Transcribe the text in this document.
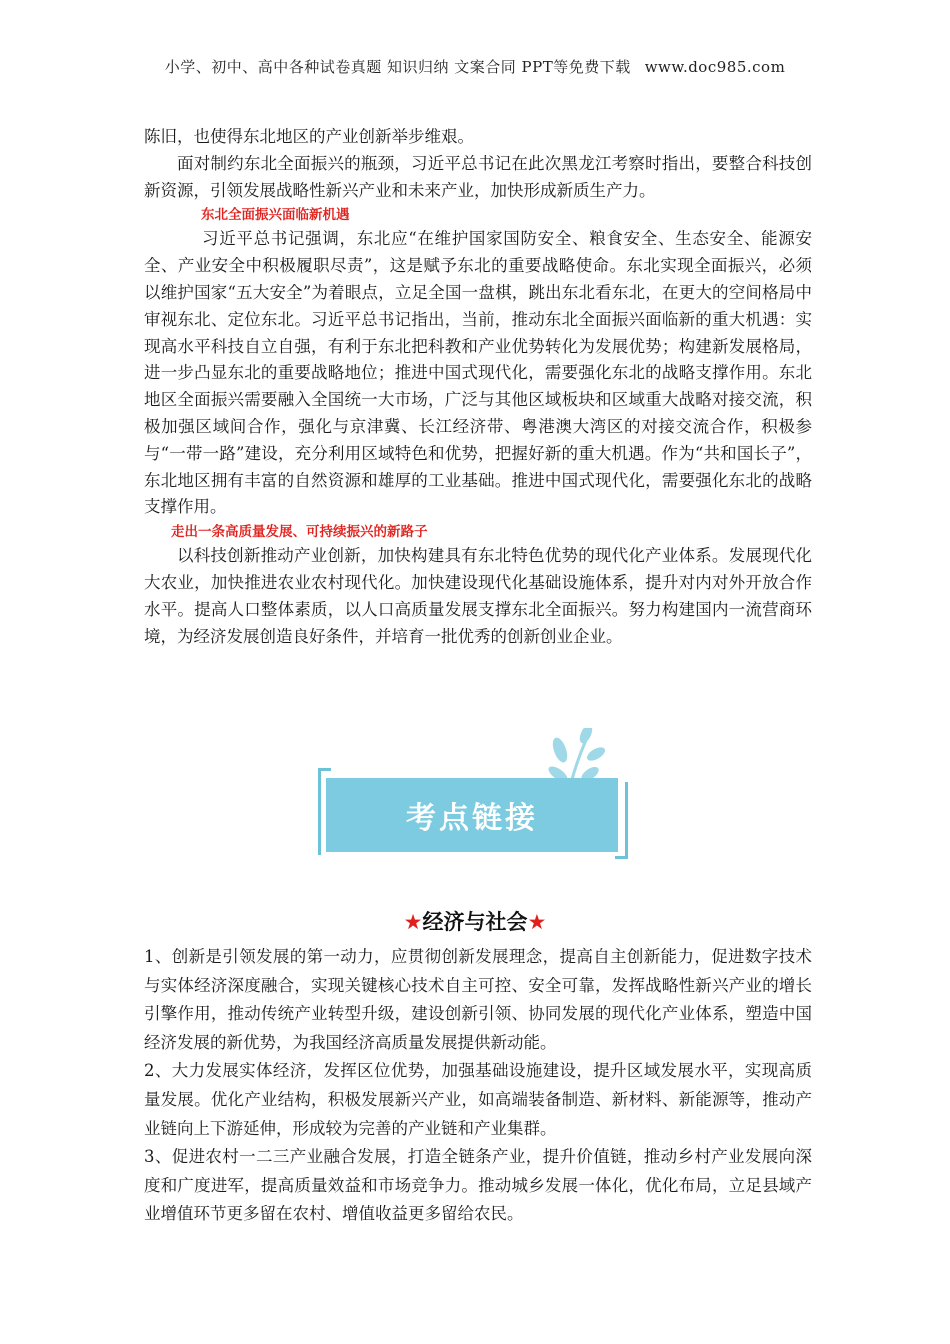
小学、初中、高中各种试卷真题 知识归纳 文案合同 PPT等免费下载 www.doc985.com

陈旧，也使得东北地区的产业创新举步维艰。

面对制约东北全面振兴的瓶颈，习近平总书记在此次黑龙江考察时指出，要整合科技创新资源，引领发展战略性新兴产业和未来产业，加快形成新质生产力。

东北全面振兴面临新机遇

习近平总书记强调，东北应“在维护国家国防安全、粮食安全、生态安全、能源安全、产业安全中积极履职尽责”，这是赋予东北的重要战略使命。东北实现全面振兴，必须以维护国家“五大安全”为着眼点，立足全国一盘棋，跳出东北看东北，在更大的空间格局中审视东北、定位东北。习近平总书记指出，当前，推动东北全面振兴面临新的重大机遇：实现高水平科技自立自强，有利于东北把科教和产业优势转化为发展优势；构建新发展格局，进一步凸显东北的重要战略地位；推进中国式现代化，需要强化东北的战略支撑作用。东北地区全面振兴需要融入全国统一大市场，广泛与其他区域板块和区域重大战略对接交流，积极加强区域间合作，强化与京津冀、长江经济带、粤港澳大湾区的对接交流合作，积极参与“一带一路”建设，充分利用区域特色和优势，把握好新的重大机遇。作为“共和国长子”，东北地区拥有丰富的自然资源和雄厚的工业基础。推进中国式现代化，需要强化东北的战略支撑作用。

走出一条高质量发展、可持续振兴的新路子

以科技创新推动产业创新，加快构建具有东北特色优势的现代化产业体系。发展现代化大农业，加快推进农业农村现代化。加快建设现代化基础设施体系，提升对内对外开放合作水平。提高人口整体素质，以人口高质量发展支撑东北全面振兴。努力构建国内一流营商环境，为经济发展创造良好条件，并培育一批优秀的创新创业企业。

考点链接
★经济与社会★

1、创新是引领发展的第一动力，应贯彻创新发展理念，提高自主创新能力，促进数字技术与实体经济深度融合，实现关键核心技术自主可控、安全可靠，发挥战略性新兴产业的增长引擎作用，推动传统产业转型升级，建设创新引领、协同发展的现代化产业体系，塑造中国经济发展的新优势，为我国经济高质量发展提供新动能。

2、大力发展实体经济，发挥区位优势，加强基础设施建设，提升区域发展水平，实现高质量发展。优化产业结构，积极发展新兴产业，如高端装备制造、新材料、新能源等，推动产业链向上下游延伸，形成较为完善的产业链和产业集群。

3、促进农村一二三产业融合发展，打造全链条产业，提升价值链，推动乡村产业发展向深度和广度进军，提高质量效益和市场竞争力。推动城乡发展一体化，优化布局，立足县域产业增值环节更多留在农村、增值收益更多留给农民。
